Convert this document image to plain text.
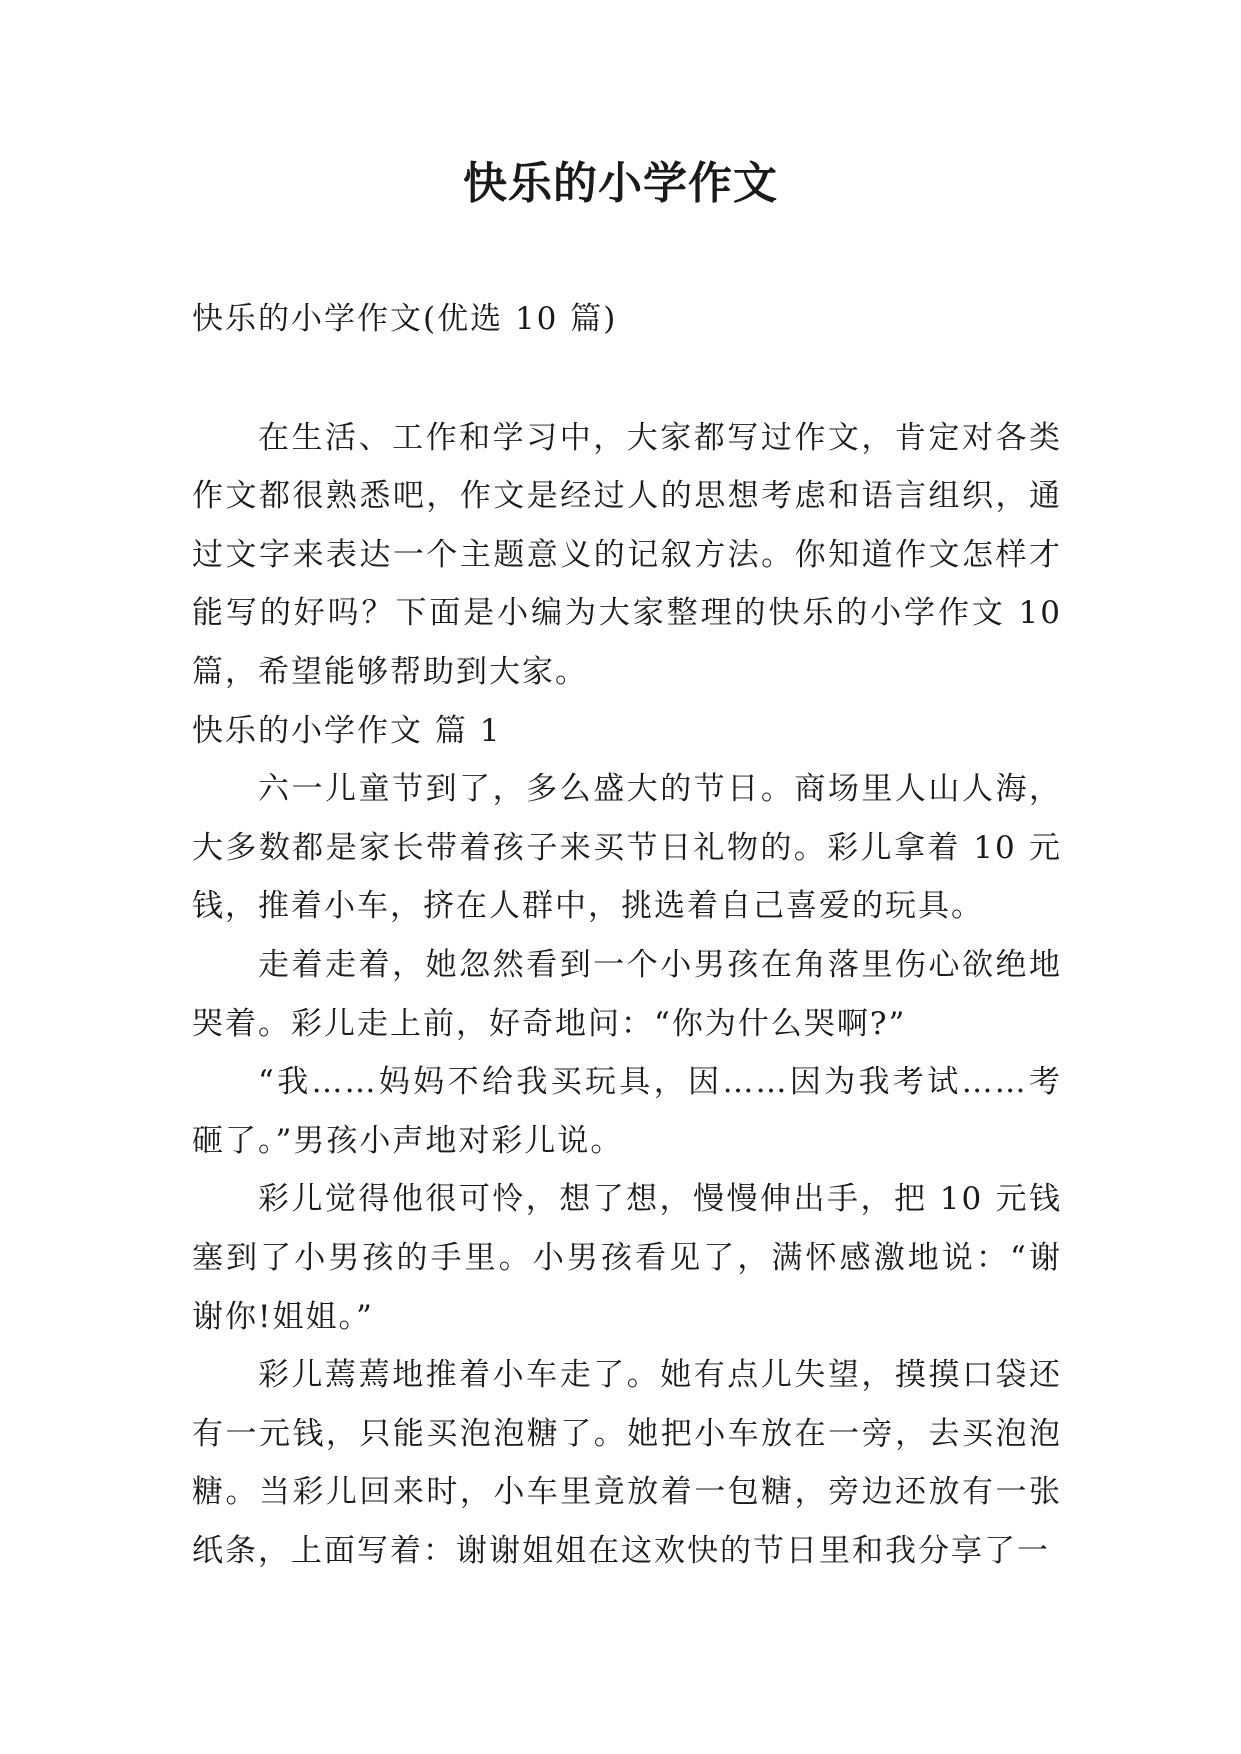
快乐的小学作文

快乐的小学作文(优选 10 篇)

在生活、工作和学习中，大家都写过作文，肯定对各类作文都很熟悉吧，作文是经过人的思想考虑和语言组织，通过文字来表达一个主题意义的记叙方法。你知道作文怎样才能写的好吗？下面是小编为大家整理的快乐的小学作文 10 篇，希望能够帮助到大家。

快乐的小学作文 篇 1

六一儿童节到了，多么盛大的节日。商场里人山人海，大多数都是家长带着孩子来买节日礼物的。彩儿拿着 10 元钱，推着小车，挤在人群中，挑选着自己喜爱的玩具。

走着走着，她忽然看到一个小男孩在角落里伤心欲绝地哭着。彩儿走上前，好奇地问：“你为什么哭啊?”

“我……妈妈不给我买玩具，因……因为我考试……考砸了。”男孩小声地对彩儿说。

彩儿觉得他很可怜，想了想，慢慢伸出手，把 10 元钱塞到了小男孩的手里。小男孩看见了，满怀感激地说：“谢谢你!姐姐。”

彩儿蔫蔫地推着小车走了。她有点儿失望，摸摸口袋还有一元钱，只能买泡泡糖了。她把小车放在一旁，去买泡泡糖。当彩儿回来时，小车里竟放着一包糖，旁边还放有一张纸条，上面写着：谢谢姐姐在这欢快的节日里和我分享了一
